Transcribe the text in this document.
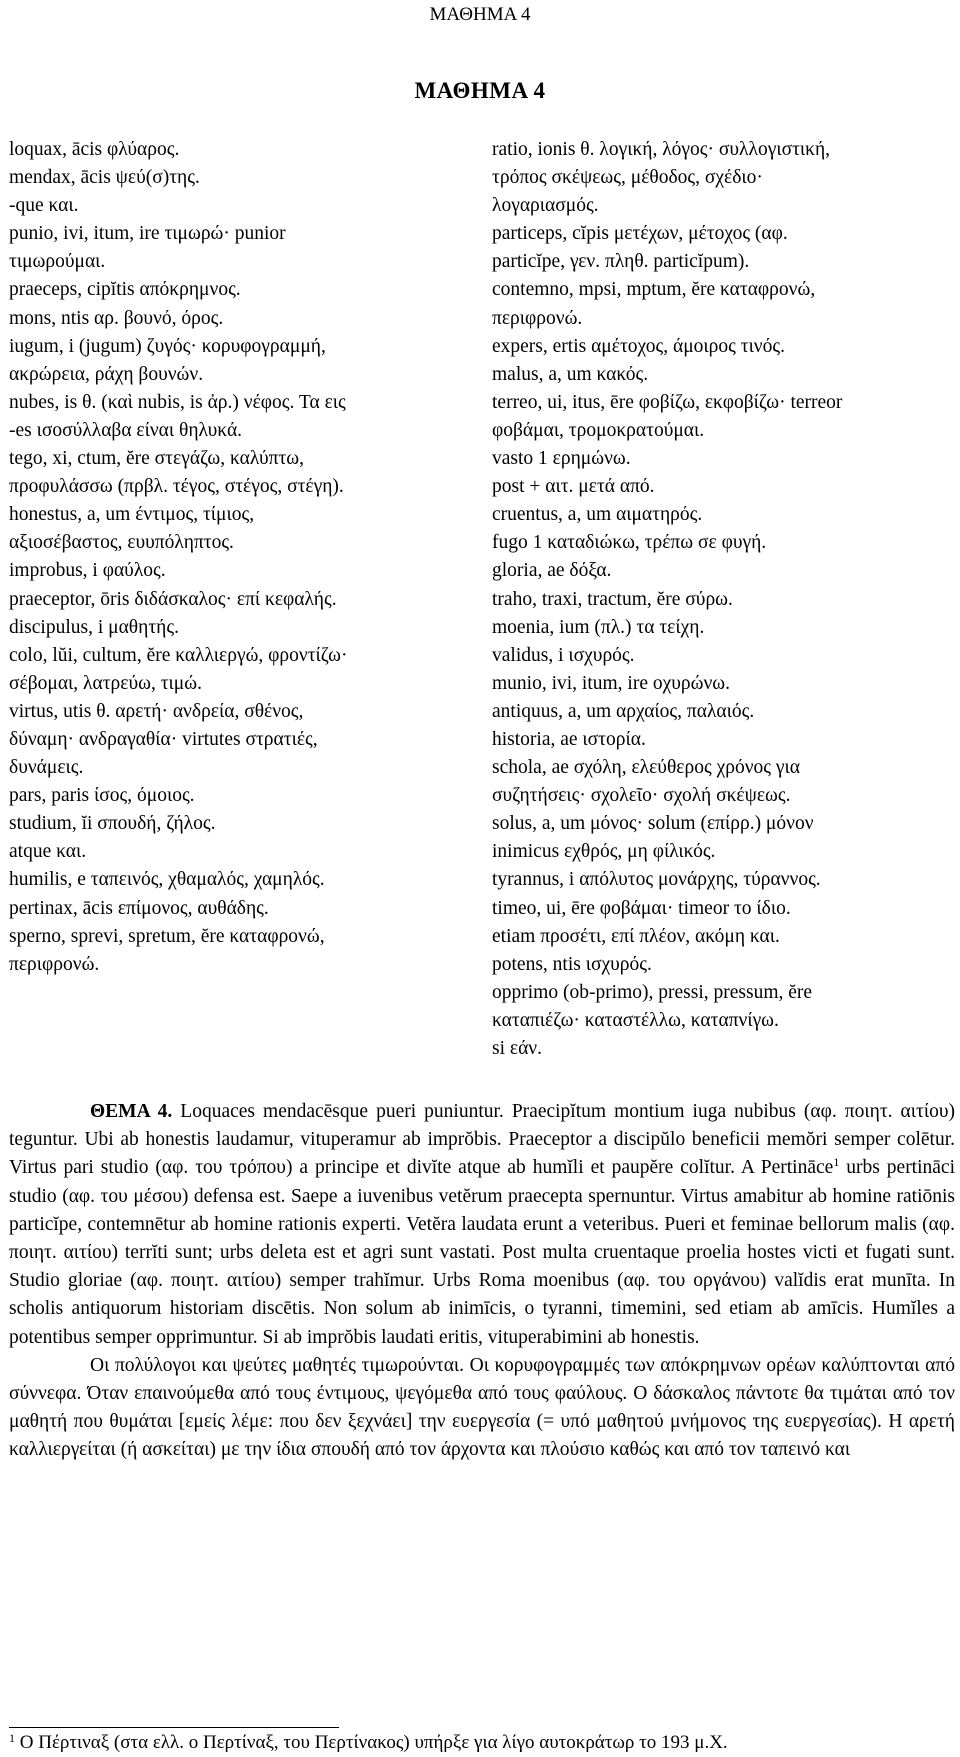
ΜΑΘΗΜΑ 4
ΜΑΘΗΜΑ 4
loquax, ācis φλύαρος.
mendax, ācis ψεύ(σ)της.
-que και.
punio, ivi, itum, ire τιμωρώ· punior
τιμωρούμαι.
praeceps, cipĭtis απόκρημνος.
mons, ntis αρ. βουνό, όρος.
iugum, i (jugum) ζυγός· κορυφογραμμή,
ακρώρεια, ράχη βουνών.
nubes, is θ. (καὶ nubis, is ἀρ.) νέφος. Τα εις
-es ισοσύλλαβα είναι θηλυκά.
tego, xi, ctum, ĕre στεγάζω, καλύπτω,
προφυλάσσω (πρβλ. τέγος, στέγος, στέγη).
honestus, a, um έντιμος, τίμιος,
αξιοσέβαστος, ευυπόληπτος.
improbus, i φαύλος.
praeceptor, ōris διδάσκαλος· επί κεφαλής.
discipulus, i μαθητής.
colo, lŭi, cultum, ĕre καλλιεργώ, φροντίζω·
σέβομαι, λατρεύω, τιμώ.
virtus, utis θ. αρετή· ανδρεία, σθένος,
δύναμη· ανδραγαθία· virtutes στρατιές,
δυνάμεις.
pars, paris ίσος, όμοιος.
studium, ĭi σπουδή, ζήλος.
atque και.
humilis, e ταπεινός, χθαμαλός, χαμηλός.
pertinax, ācis επίμονος, αυθάδης.
sperno, sprevi, spretum, ĕre καταφρονώ,
περιφρονώ.
ratio, ionis θ. λογική, λόγος· συλλογιστική,
τρόπος σκέψεως, μέθοδος, σχέδιο·
λογαριασμός.
particeps, cĭpis μετέχων, μέτοχος (αφ.
particĭpe, γεν. πληθ. particĭpum).
contemno, mpsi, mptum, ĕre καταφρονώ,
περιφρονώ.
expers, ertis αμέτοχος, άμοιρος τινός.
malus, a, um κακός.
terreo, ui, itus, ēre φοβίζω, εκφοβίζω· terreor
φοβάμαι, τρομοκρατούμαι.
vasto 1 ερημώνω.
post + αιτ. μετά από.
cruentus, a, um αιματηρός.
fugo 1 καταδιώκω, τρέπω σε φυγή.
gloria, ae δόξα.
traho, traxi, tractum, ĕre σύρω.
moenia, ium (πλ.) τα τείχη.
validus, i ισχυρός.
munio, ivi, itum, ire οχυρώνω.
antiquus, a, um αρχαίος, παλαιός.
historia, ae ιστορία.
schola, ae σχόλη, ελεύθερος χρόνος για
συζητήσεις· σχολεῖο· σχολή σκέψεως.
solus, a, um μόνος· solum (επίρρ.) μόνον
inimicus εχθρός, μη φίλικός.
tyrannus, i απόλυτος μονάρχης, τύραννος.
timeo, ui, ēre φοβάμαι· timeor το ίδιο.
etiam προσέτι, επί πλέον, ακόμη και.
potens, ntis ισχυρός.
opprimo (ob-primo), pressi, pressum, ĕre
καταπιέζω· καταστέλλω, καταπνίγω.
si εάν.

ΘΕΜΑ 4. Loquaces mendacēsque pueri puniuntur. Praecipĭtum montium iuga nubibus (αφ. ποιητ. αιτίου) teguntur. Ubi ab honestis laudamur, vituperamur ab imprŏbis. Praeceptor a discipŭlo beneficii memŏri semper colētur. Virtus pari studio (αφ. του τρόπου) a principe et divĭte atque ab humĭli et paupĕre colĭtur. A Pertināce$^1$ urbs pertināci studio (αφ. του μέσου) defensa est. Saepe a iuvenibus vetĕrum praecepta spernuntur. Virtus amabitur ab homine ratiōnis particĭpe, contemnētur ab homine rationis experti. Vetĕra laudata erunt a veteribus. Pueri et feminae bellorum malis (αφ. ποιητ. αιτίου) terrĭti sunt; urbs deleta est et agri sunt vastati. Post multa cruentaque proelia hostes victi et fugati sunt. Studio gloriae (αφ. ποιητ. αιτίου) semper trahĭmur. Urbs Roma moenibus (αφ. του οργάνου) valĭdis erat munīta. In scholis antiquorum historiam discētis. Non solum ab inimīcis, o tyranni, timemini, sed etiam ab amīcis. Humĭles a potentibus semper opprimuntur. Si ab imprŏbis laudati eritis, vituperabimini ab honestis.

Οι πολύλογοι και ψεύτες μαθητές τιμωρούνται. Οι κορυφογραμμές των απόκρημνων ορέων καλύπτονται από σύννεφα. Όταν επαινούμεθα από τους έντιμους, ψεγόμεθα από τους φαύλους. Ο δάσκαλος πάντοτε θα τιμάται από τον μαθητή που θυμάται [εμείς λέμε: που δεν ξεχνάει] την ευεργεσία (= υπό μαθητού μνήμονος της ευεργεσίας). Η αρετή καλλιεργείται (ή ασκείται) με την ίδια σπουδή από τον άρχοντα και πλούσιο καθώς και από τον ταπεινό και

$^1$ Ο Πέρτιναξ (στα ελλ. ο Περτίναξ, του Περτίνακος) υπήρξε για λίγο αυτοκράτωρ το 193 μ.Χ.
